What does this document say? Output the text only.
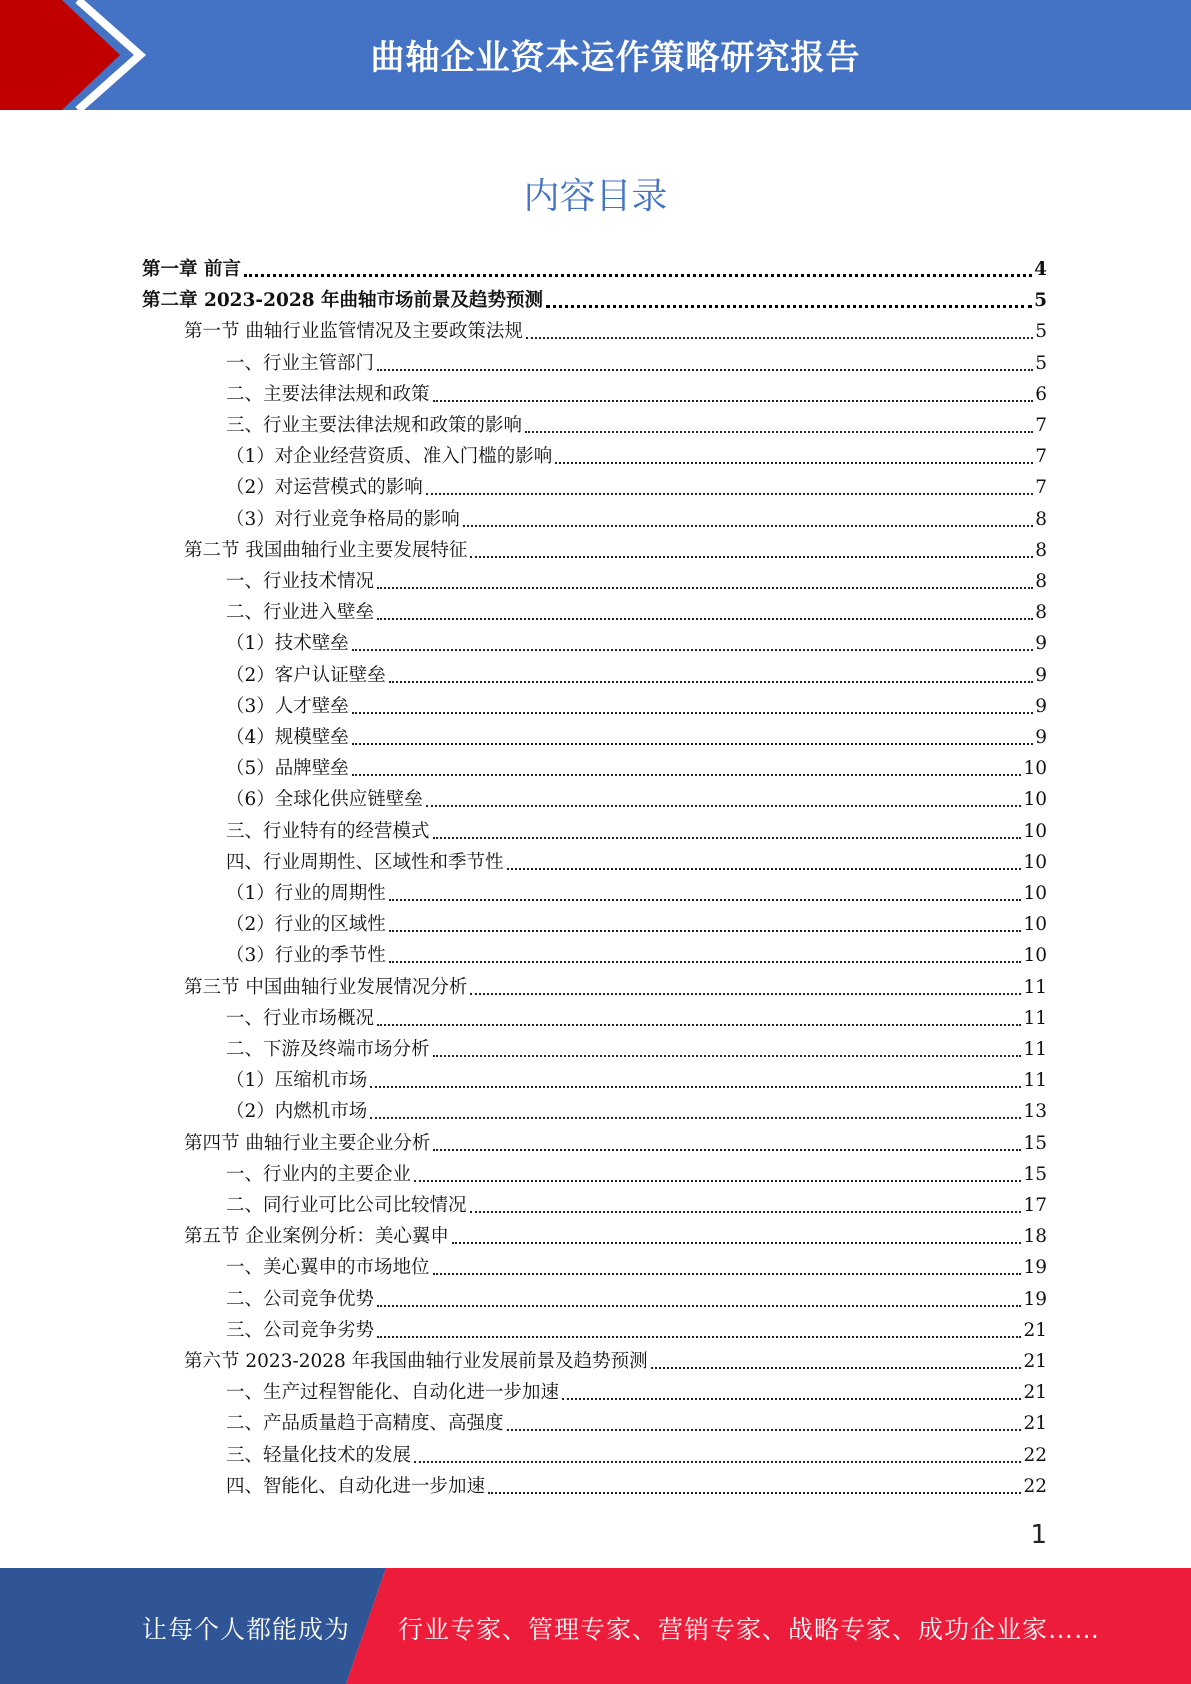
曲轴企业资本运作策略研究报告
内容目录
第一章 前言	4
第二章 2023-2028 年曲轴市场前景及趋势预测	5
第一节 曲轴行业监管情况及主要政策法规	5
一、行业主管部门	5
二、主要法律法规和政策	6
三、行业主要法律法规和政策的影响	7
（1）对企业经营资质、准入门槛的影响	7
（2）对运营模式的影响	7
（3）对行业竞争格局的影响	8
第二节 我国曲轴行业主要发展特征	8
一、行业技术情况	8
二、行业进入壁垒	8
（1）技术壁垒	9
（2）客户认证壁垒	9
（3）人才壁垒	9
（4）规模壁垒	9
（5）品牌壁垒	10
（6）全球化供应链壁垒	10
三、行业特有的经营模式	10
四、行业周期性、区域性和季节性	10
（1）行业的周期性	10
（2）行业的区域性	10
（3）行业的季节性	10
第三节 中国曲轴行业发展情况分析	11
一、行业市场概况	11
二、下游及终端市场分析	11
（1）压缩机市场	11
（2）内燃机市场	13
第四节 曲轴行业主要企业分析	15
一、行业内的主要企业	15
二、同行业可比公司比较情况	17
第五节 企业案例分析：美心翼申	18
一、美心翼申的市场地位	19
二、公司竞争优势	19
三、公司竞争劣势	21
第六节 2023-2028 年我国曲轴行业发展前景及趋势预测	21
一、生产过程智能化、自动化进一步加速	21
二、产品质量趋于高精度、高强度	21
三、轻量化技术的发展	22
四、智能化、自动化进一步加速	22
1
让每个人都能成为 行业专家、管理专家、营销专家、战略专家、成功企业家……
